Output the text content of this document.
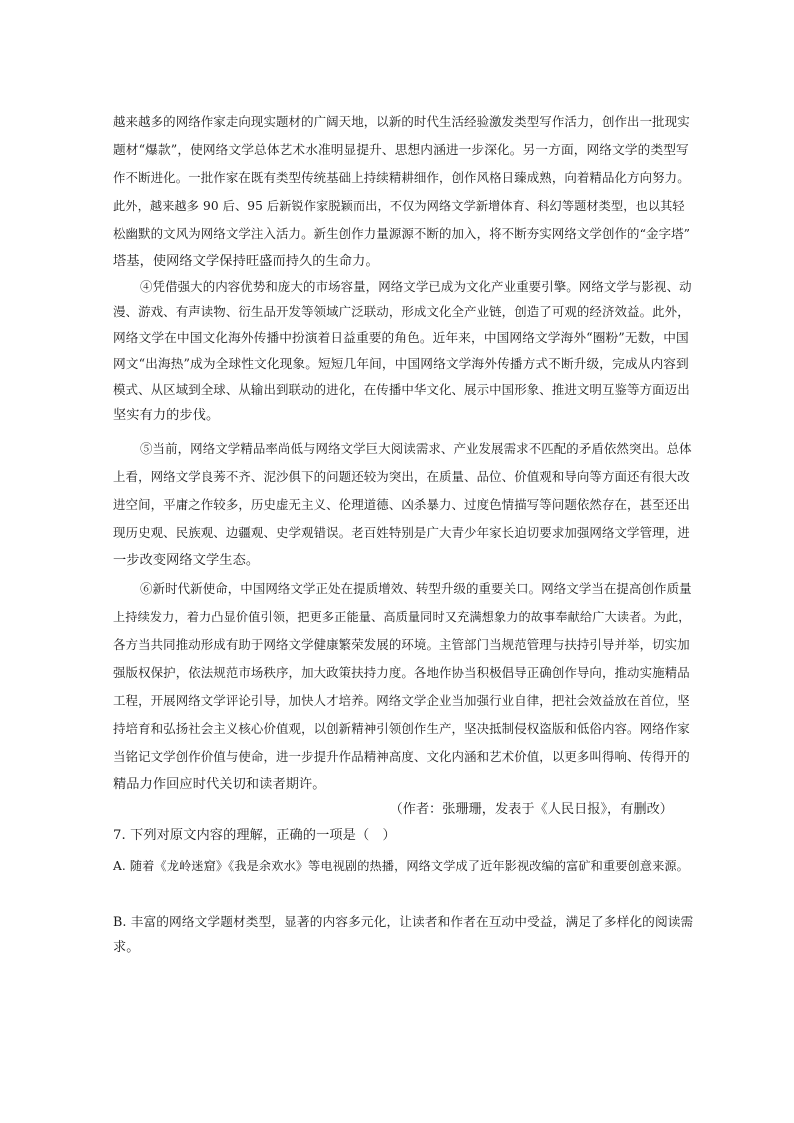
越来越多的网络作家走向现实题材的广阔天地，以新的时代生活经验激发类型写作活力，创作出一批现实
题材“爆款”，使网络文学总体艺术水准明显提升、思想内涵进一步深化。另一方面，网络文学的类型写
作不断进化。一批作家在既有类型传统基础上持续精耕细作，创作风格日臻成熟，向着精品化方向努力。
此外，越来越多 90 后、95 后新锐作家脱颖而出，不仅为网络文学新增体育、科幻等题材类型，也以其轻
松幽默的文风为网络文学注入活力。新生创作力量源源不断的加入，将不断夯实网络文学创作的“金字塔”
塔基，使网络文学保持旺盛而持久的生命力。
④凭借强大的内容优势和庞大的市场容量，网络文学已成为文化产业重要引擎。网络文学与影视、动
漫、游戏、有声读物、衍生品开发等领域广泛联动，形成文化全产业链，创造了可观的经济效益。此外，
网络文学在中国文化海外传播中扮演着日益重要的角色。近年来，中国网络文学海外“圈粉”无数，中国
网文“出海热”成为全球性文化现象。短短几年间，中国网络文学海外传播方式不断升级，完成从内容到
模式、从区域到全球、从输出到联动的进化，在传播中华文化、展示中国形象、推进文明互鉴等方面迈出
坚实有力的步伐。
⑤当前，网络文学精品率尚低与网络文学巨大阅读需求、产业发展需求不匹配的矛盾依然突出。总体
上看，网络文学良莠不齐、泥沙俱下的问题还较为突出，在质量、品位、价值观和导向等方面还有很大改
进空间，平庸之作较多，历史虚无主义、伦理道德、凶杀暴力、过度色情描写等问题依然存在，甚至还出
现历史观、民族观、边疆观、史学观错误。老百姓特别是广大青少年家长迫切要求加强网络文学管理，进
一步改变网络文学生态。
⑥新时代新使命，中国网络文学正处在提质增效、转型升级的重要关口。网络文学当在提高创作质量
上持续发力，着力凸显价值引领，把更多正能量、高质量同时又充满想象力的故事奉献给广大读者。为此，
各方当共同推动形成有助于网络文学健康繁荣发展的环境。主管部门当规范管理与扶持引导并举，切实加
强版权保护，依法规范市场秩序，加大政策扶持力度。各地作协当积极倡导正确创作导向，推动实施精品
工程，开展网络文学评论引导，加快人才培养。网络文学企业当加强行业自律，把社会效益放在首位，坚
持培育和弘扬社会主义核心价值观，以创新精神引领创作生产，坚决抵制侵权盗版和低俗内容。网络作家
当铭记文学创作价值与使命，进一步提升作品精神高度、文化内涵和艺术价值，以更多叫得响、传得开的
精品力作回应时代关切和读者期许。
（作者：张珊珊，发表于《人民日报》，有删改）
7. 下列对原文内容的理解，正确的一项是（　）
A. 随着《龙岭迷窟》《我是余欢水》等电视剧的热播，网络文学成了近年影视改编的富矿和重要创意来源。
B. 丰富的网络文学题材类型，显著的内容多元化，让读者和作者在互动中受益，满足了多样化的阅读需
求。
